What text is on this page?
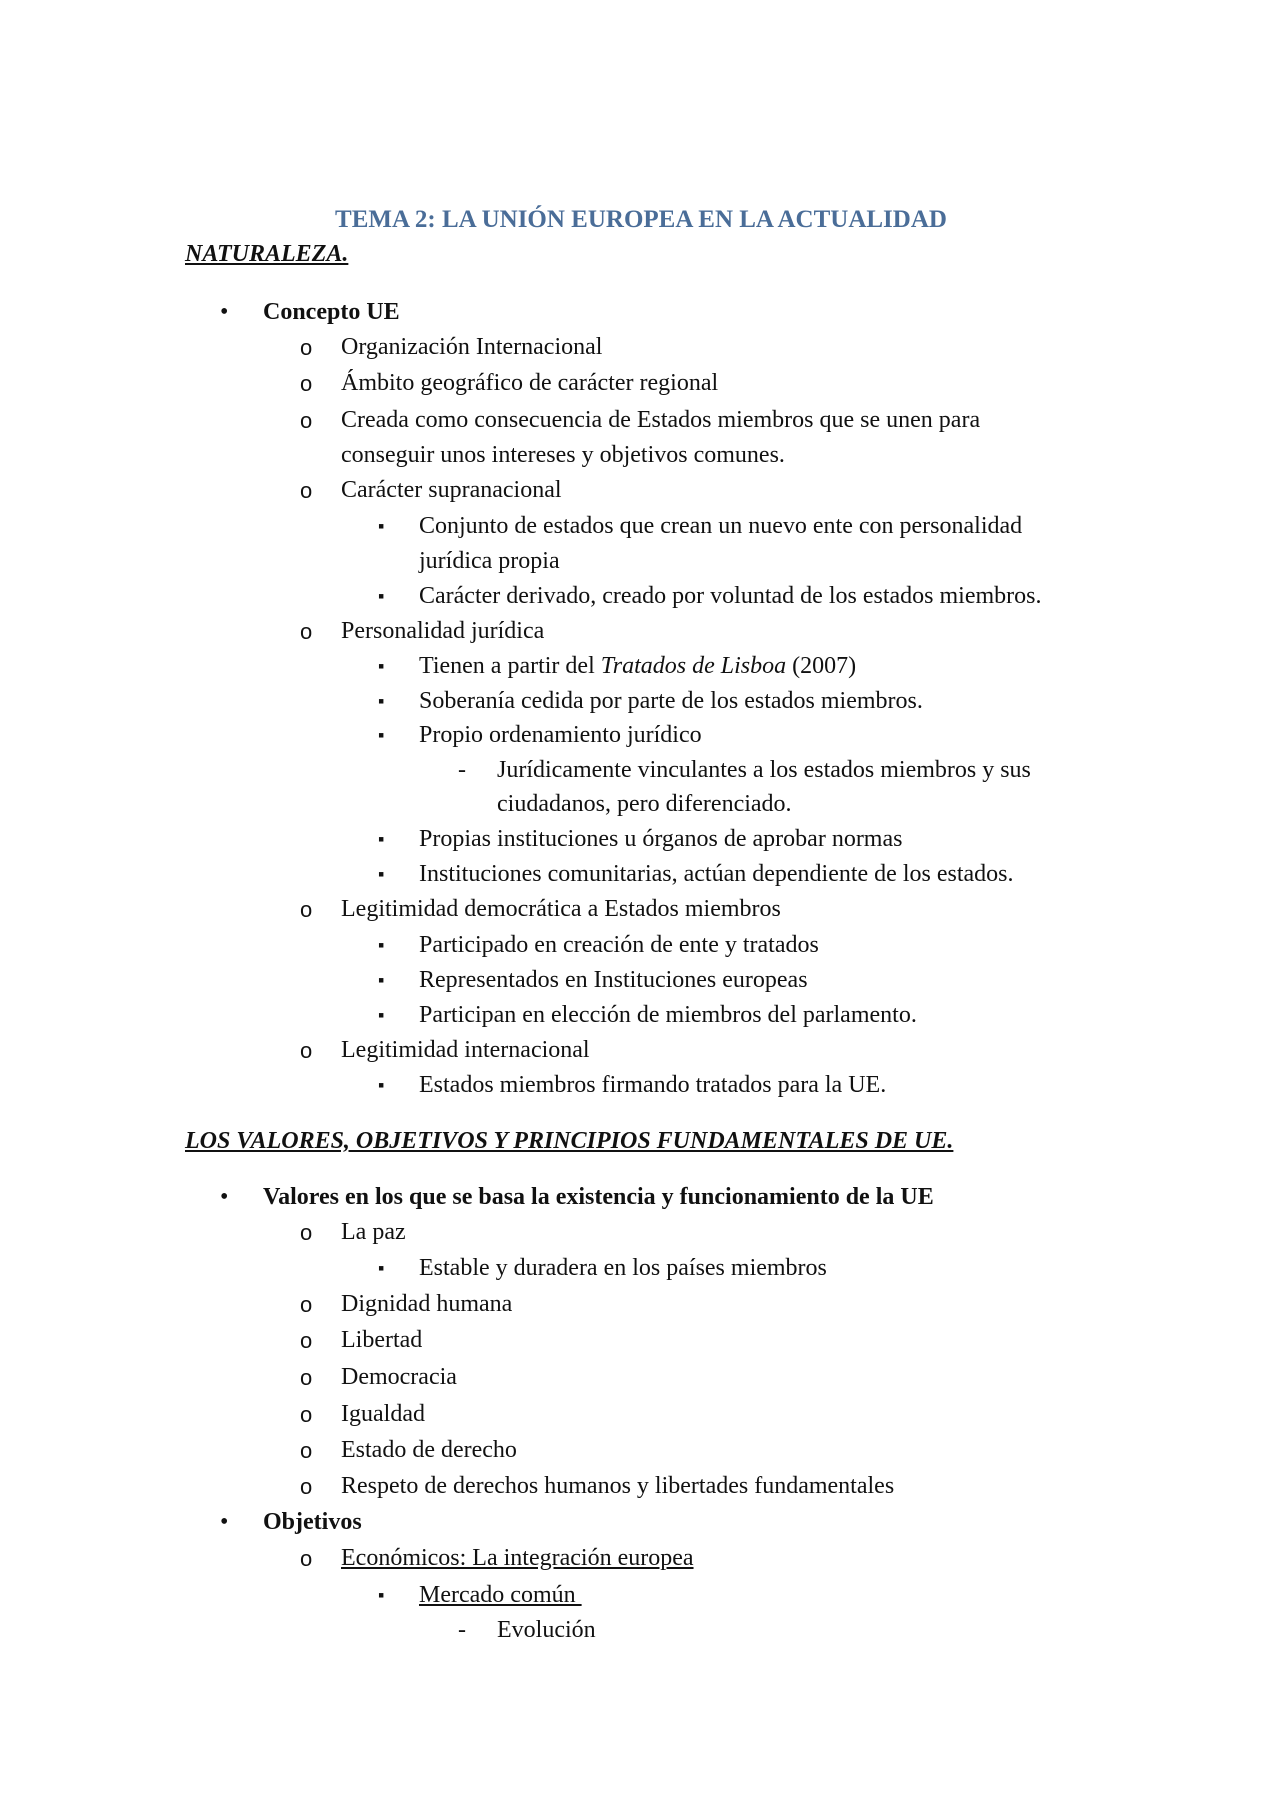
TEMA 2: LA UNIÓN EUROPEA EN LA ACTUALIDAD
NATURALEZA.
• Concepto UE
o Organización Internacional
o Ámbito geográfico de carácter regional
o Creada como consecuencia de Estados miembros que se unen para
conseguir unos intereses y objetivos comunes.
o Carácter supranacional
▪ Conjunto de estados que crean un nuevo ente con personalidad
jurídica propia
▪ Carácter derivado, creado por voluntad de los estados miembros.
o Personalidad jurídica
▪ Tienen a partir del Tratados de Lisboa (2007)
▪ Soberanía cedida por parte de los estados miembros.
▪ Propio ordenamiento jurídico
- Jurídicamente vinculantes a los estados miembros y sus
ciudadanos, pero diferenciado.
▪ Propias instituciones u órganos de aprobar normas
▪ Instituciones comunitarias, actúan dependiente de los estados.
o Legitimidad democrática a Estados miembros
▪ Participado en creación de ente y tratados
▪ Representados en Instituciones europeas
▪ Participan en elección de miembros del parlamento.
o Legitimidad internacional
▪ Estados miembros firmando tratados para la UE.
LOS VALORES, OBJETIVOS Y PRINCIPIOS FUNDAMENTALES DE UE.
• Valores en los que se basa la existencia y funcionamiento de la UE
o La paz
▪ Estable y duradera en los países miembros
o Dignidad humana
o Libertad
o Democracia
o Igualdad
o Estado de derecho
o Respeto de derechos humanos y libertades fundamentales
• Objetivos
o Económicos: La integración europea
▪ Mercado común
- Evolución
